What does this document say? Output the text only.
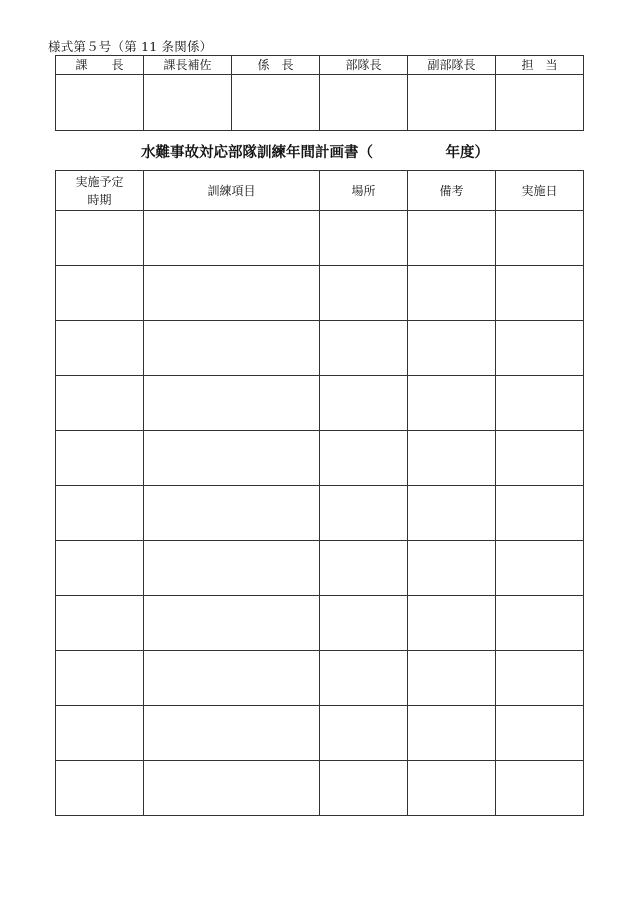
様式第５号（第 11 条関係）
課　　長	課長補佐	係　長	部隊長	副部隊長	担　当

水難事故対応部隊訓練年間計画書（　　　　　年度）
実施予定
時期	訓練項目	場所	備考	実施日
